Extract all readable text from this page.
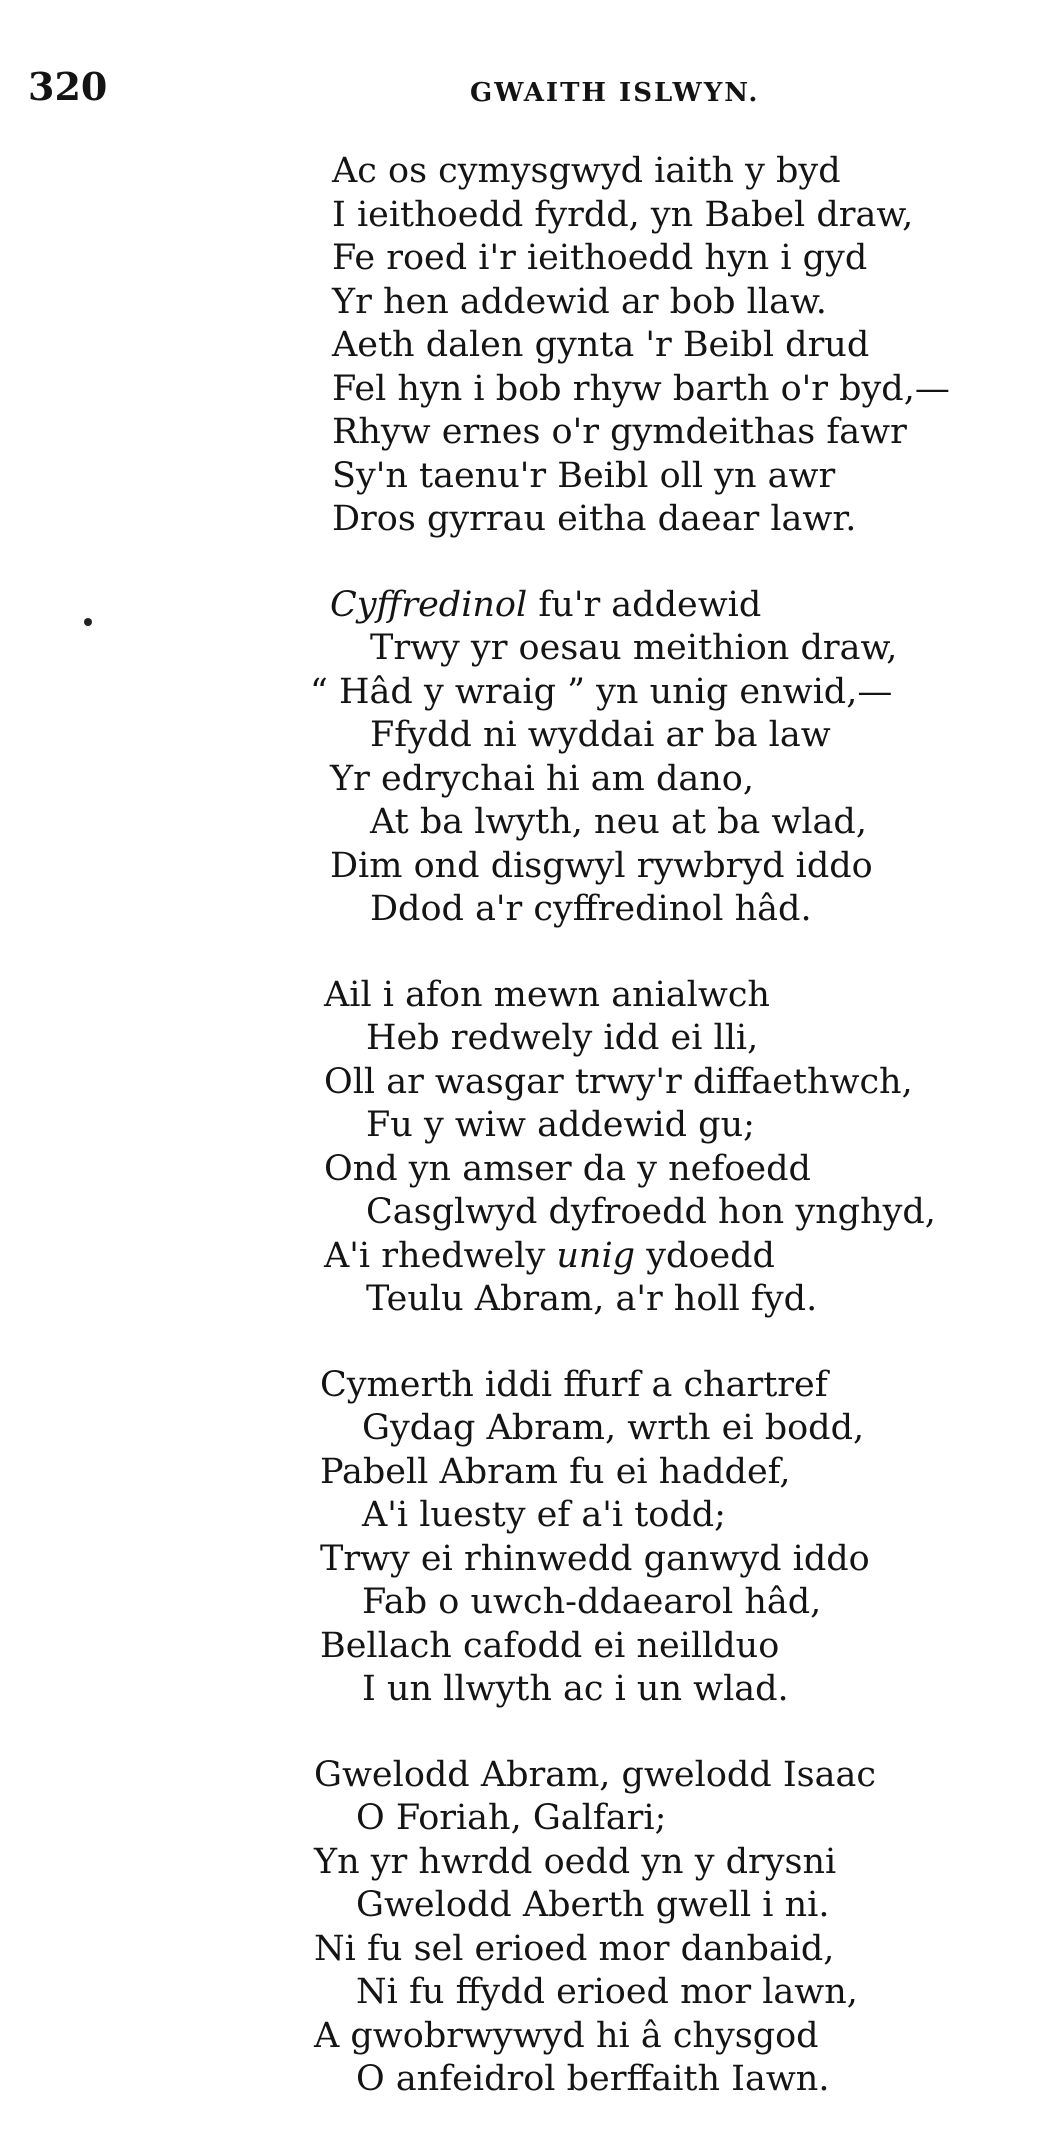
320	GWAITH ISLWYN.
Ac os cymysgwyd iaith y byd
I ieithoedd fyrdd, yn Babel draw,
Fe roed i'r ieithoedd hyn i gyd
Yr hen addewid ar bob llaw.
Aeth dalen gynta 'r Beibl drud
Fel hyn i bob rhyw barth o'r byd,—
Rhyw ernes o'r gymdeithas fawr
Sy'n taenu'r Beibl oll yn awr
Dros gyrrau eitha daear lawr.
Cyffredinol fu'r addewid
Trwy yr oesau meithion draw,
“ Hâd y wraig ” yn unig enwid,—
Ffydd ni wyddai ar ba law
Yr edrychai hi am dano,
At ba lwyth, neu at ba wlad,
Dim ond disgwyl rywbryd iddo
Ddod a'r cyffredinol hâd.
Ail i afon mewn anialwch
Heb redwely idd ei lli,
Oll ar wasgar trwy'r diffaethwch,
Fu y wiw addewid gu;
Ond yn amser da y nefoedd
Casglwyd dyfroedd hon ynghyd,
A'i rhedwely unig ydoedd
Teulu Abram, a'r holl fyd.
Cymerth iddi ffurf a chartref
Gydag Abram, wrth ei bodd,
Pabell Abram fu ei haddef,
A'i luesty ef a'i todd;
Trwy ei rhinwedd ganwyd iddo
Fab o uwch-ddaearol hâd,
Bellach cafodd ei neillduo
I un llwyth ac i un wlad.
Gwelodd Abram, gwelodd Isaac
O Foriah, Galfari;
Yn yr hwrdd oedd yn y drysni
Gwelodd Aberth gwell i ni.
Ni fu sel erioed mor danbaid,
Ni fu ffydd erioed mor lawn,
A gwobrwywyd hi â chysgod
O anfeidrol berffaith Iawn.
